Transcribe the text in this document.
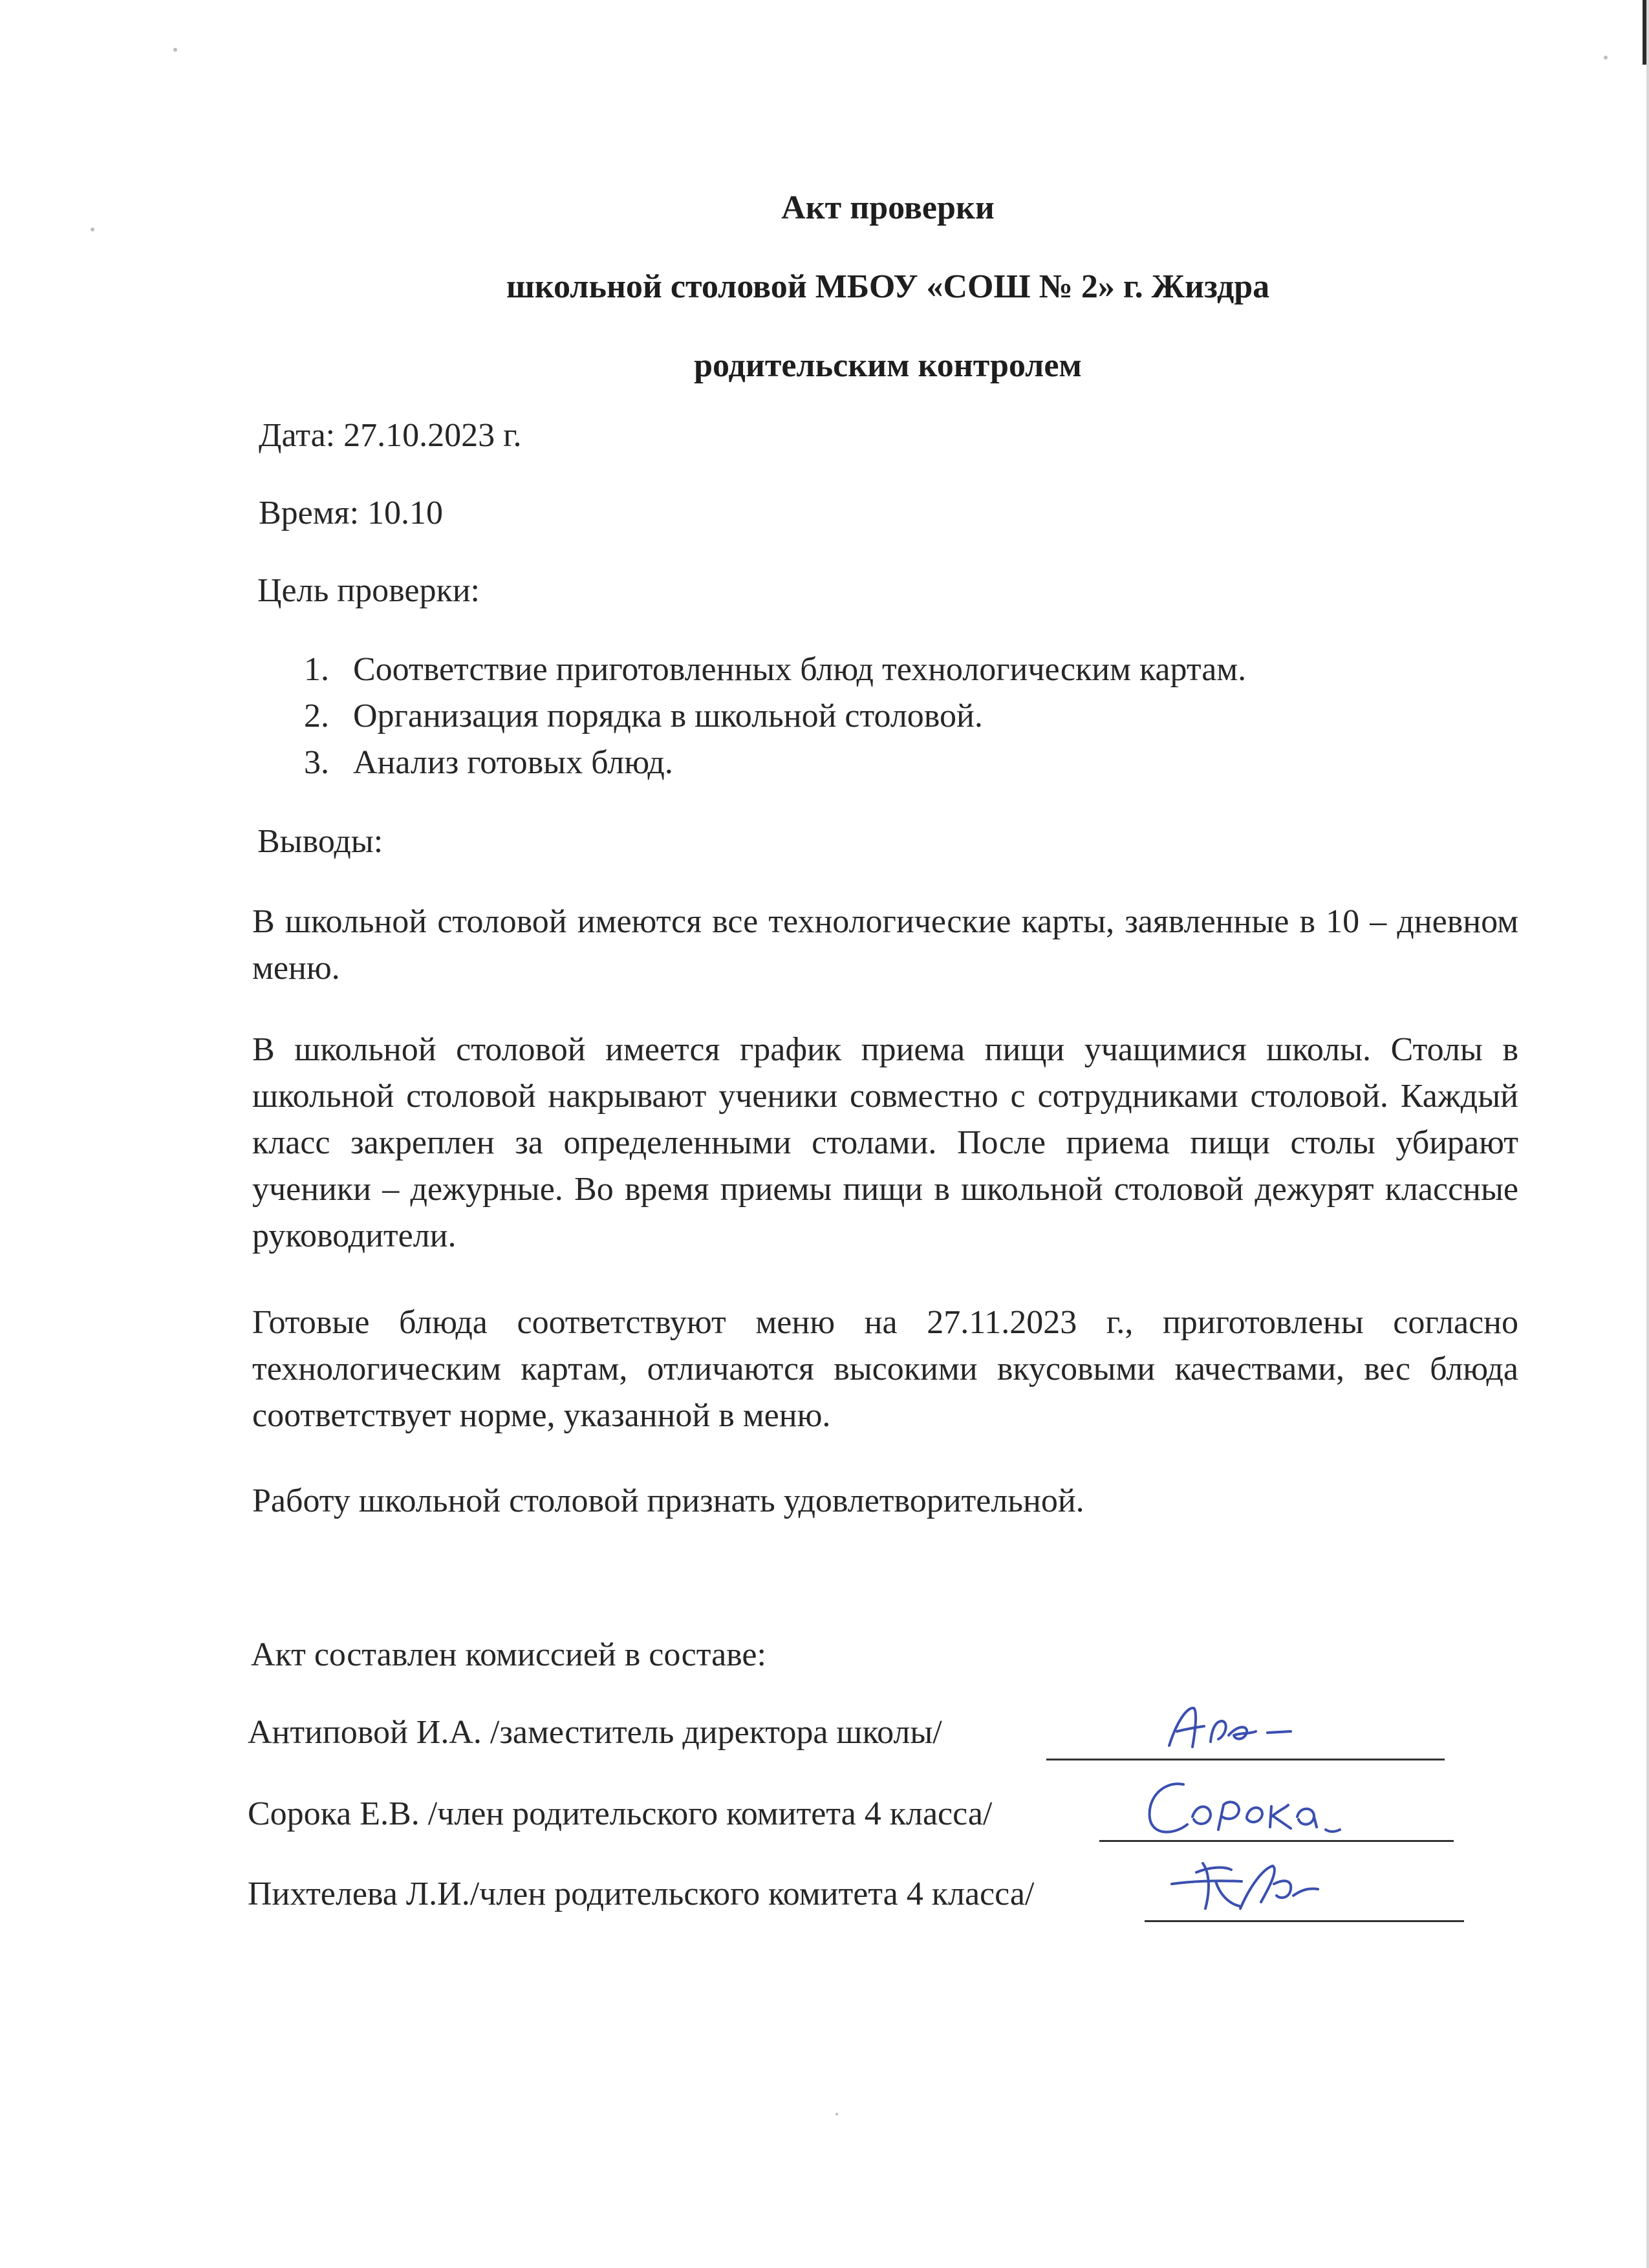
Акт проверки
школьной столовой МБОУ «СОШ № 2» г. Жиздра
родительским контролем
Дата: 27.10.2023 г.
Время: 10.10
Цель проверки:
1. Соответствие приготовленных блюд технологическим картам.
2. Организация порядка в школьной столовой.
3. Анализ готовых блюд.
Выводы:
В школьной столовой имеются все технологические карты, заявленные в 10 – дневном меню.
В школьной столовой имеется график приема пищи учащимися школы. Столы в школьной столовой накрывают ученики совместно с сотрудниками столовой. Каждый класс закреплен за определенными столами. После приема пищи столы убирают ученики – дежурные. Во время приемы пищи в школьной столовой дежурят классные руководители.
Готовые блюда соответствуют меню на 27.11.2023 г., приготовлены согласно технологическим картам, отличаются высокими вкусовыми качествами, вес блюда соответствует норме, указанной в меню.
Работу школьной столовой признать удовлетворительной.
Акт составлен комиссией в составе:
Антиповой И.А. /заместитель директора школы/
Сорока Е.В. /член родительского комитета 4 класса/
Пихтелева Л.И./член родительского комитета 4 класса/
